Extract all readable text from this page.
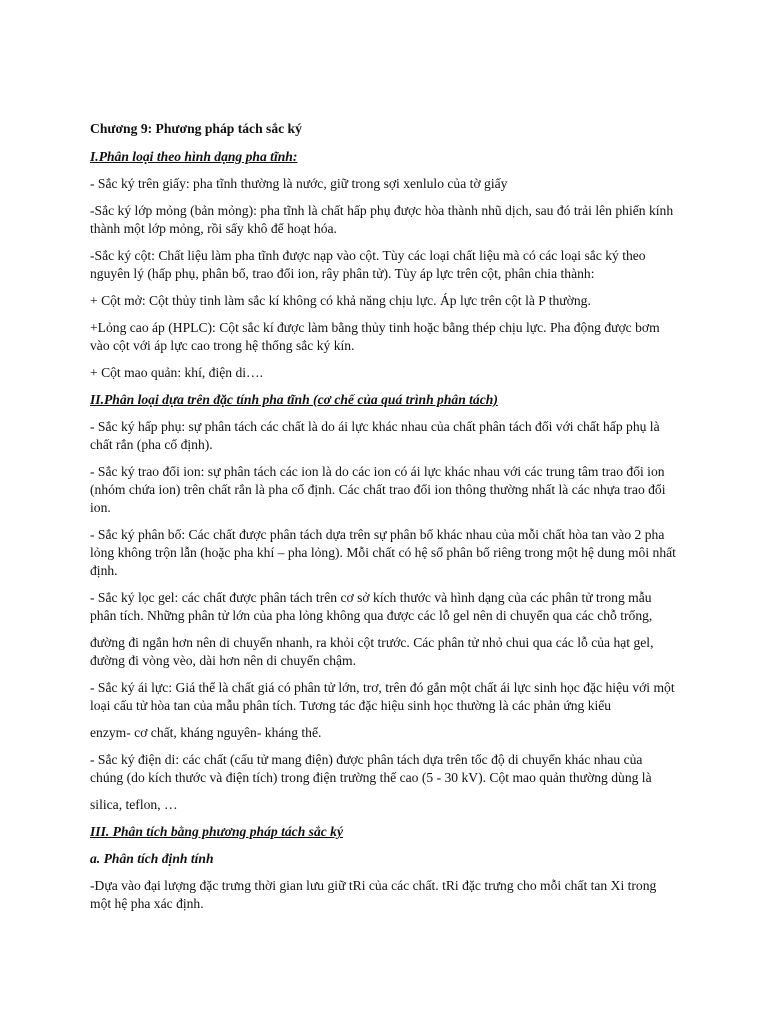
Chương 9: Phương pháp tách sắc ký

I.Phân loại theo hình dạng pha tĩnh:

- Sắc ký trên giấy: pha tĩnh thường là nước, giữ trong sợi xenlulo của tờ giấy

-Sắc ký lớp mỏng (bản mỏng): pha tĩnh là chất hấp phụ được hòa thành nhũ dịch, sau đó trải lên phiến kính thành một lớp mỏng, rồi sấy khô để hoạt hóa.

-Sắc ký cột: Chất liệu làm pha tĩnh được nạp vào cột. Tùy các loại chất liệu mà có các loại sắc ký theo nguyên lý (hấp phụ, phân bố, trao đổi ion, rây phân tử). Tùy áp lực trên cột, phân chia thành:

+ Cột mở: Cột thủy tinh làm sắc kí không có khả năng chịu lực. Áp lực trên cột là P thường.

+Lỏng cao áp (HPLC): Cột sắc kí được làm bằng thủy tinh hoặc bằng thép chịu lực. Pha động được bơm vào cột với áp lực cao trong hệ thống sắc ký kín.

+ Cột mao quản: khí, điện di….

II.Phân loại dựa trên đặc tính pha tĩnh (cơ chế của quá trình phân tách)

- Sắc ký hấp phụ: sự phân tách các chất là do ái lực khác nhau của chất phân tách đối với chất hấp phụ là chất rắn (pha cố định).

- Sắc ký trao đổi ion: sự phân tách các ion là do các ion có ái lực khác nhau với các trung tâm trao đổi ion (nhóm chứa ion) trên chất rắn là pha cố định. Các chất trao đổi ion thông thường nhất là các nhựa trao đổi ion.

- Sắc ký phân bố: Các chất được phân tách dựa trên sự phân bố khác nhau của mỗi chất hòa tan vào 2 pha lỏng không trộn lẫn (hoặc pha khí – pha lỏng). Mỗi chất có hệ số phân bố riêng trong một hệ dung môi nhất định.

- Sắc ký lọc gel: các chất được phân tách trên cơ sở kích thước và hình dạng của các phân tử trong mẫu phân tích. Những phân tử lớn của pha lỏng không qua được các lỗ gel nên di chuyển qua các chỗ trống,

đường đi ngắn hơn nên di chuyển nhanh, ra khỏi cột trước. Các phân tử nhỏ chui qua các lỗ của hạt gel, đường đi vòng vèo, dài hơn nên di chuyển chậm.

- Sắc ký ái lực: Giá thể là chất giá có phân tử lớn, trơ, trên đó gắn một chất ái lực sinh học đặc hiệu với một loại cấu tử hòa tan của mẫu phân tích. Tương tác đặc hiệu sinh học thường là các phản ứng kiểu

enzym- cơ chất, kháng nguyên- kháng thể.

- Sắc ký điện di: các chất (cấu tử mang điện) được phân tách dựa trên tốc độ di chuyển khác nhau của chúng (do kích thước và điện tích) trong điện trường thế cao (5 - 30 kV). Cột mao quản thường dùng là

silica, teflon, …

III. Phân tích bằng phương pháp tách sắc ký

a. Phân tích định tính

-Dựa vào đại lượng đặc trưng thời gian lưu giữ tRi của các chất. tRi đặc trưng cho mỗi chất tan Xi trong một hệ pha xác định.
